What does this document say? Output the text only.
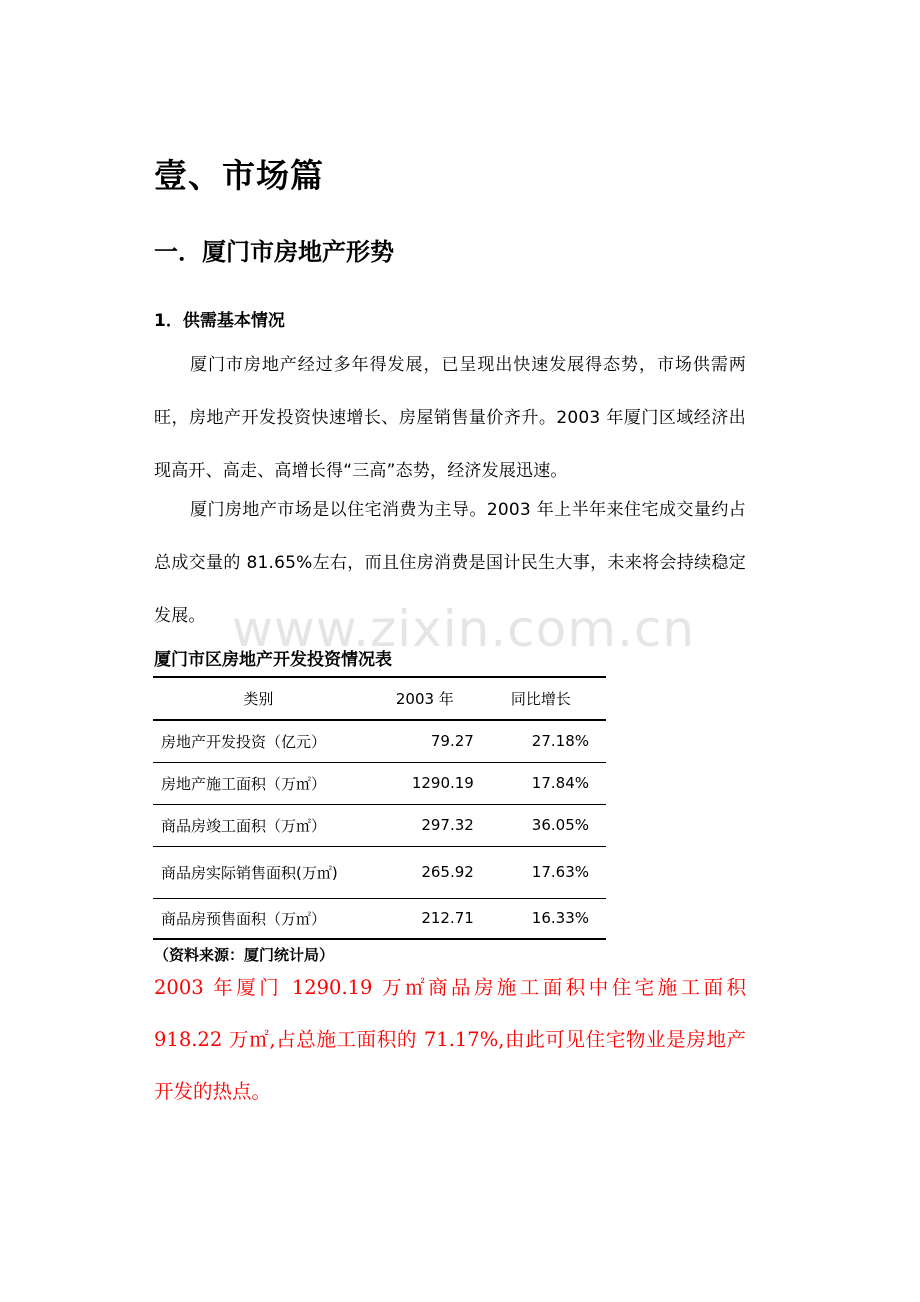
壹、市场篇
一．厦门市房地产形势
1．供需基本情况

厦门市房地产经过多年得发展，已呈现出快速发展得态势，市场供需两旺，房地产开发投资快速增长、房屋销售量价齐升。2003 年厦门区域经济出现高开、高走、高增长得“三高”态势，经济发展迅速。

厦门房地产市场是以住宅消费为主导。2003 年上半年来住宅成交量约占总成交量的 81.65%左右，而且住房消费是国计民生大事，未来将会持续稳定发展。 www.zixin.com.cn
厦门市区房地产开发投资情况表
类别	2003 年	同比增长
房地产开发投资（亿元）	79.27	27.18%
房地产施工面积（万㎡）	1290.19	17.84%
商品房竣工面积（万㎡）	297.32	36.05%
商品房实际销售面积(万㎡)	265.92	17.63%
商品房预售面积（万㎡）	212.71	16.33%
（资料来源：厦门统计局）

2003 年厦门 1290.19 万㎡商品房施工面积中住宅施工面积 918.22 万㎡,占总施工面积的 71.17%,由此可见住宅物业是房地产开发的热点。
